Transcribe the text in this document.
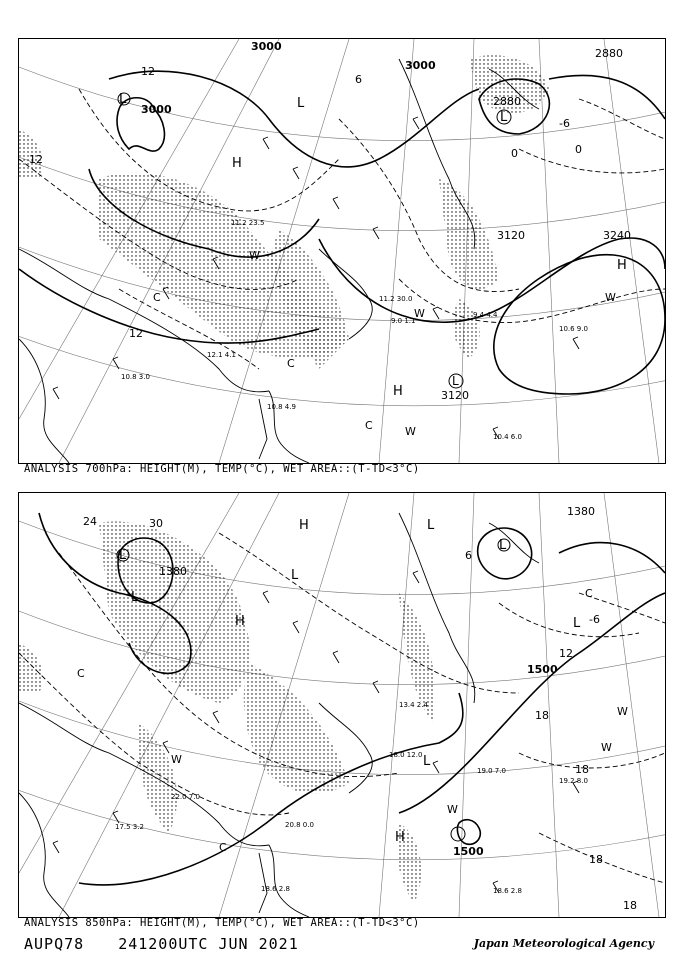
3000
3000
3000
2880
2880
3120	3240
3120
12
12
12
-6
0
6
0
L	L
L
L
H
H
H
W
W
W
W
C
C
C
11.2 23.5
10.8 3.0
10.8 4.9
10.6 9.0
9.4 4.4
11.2 30.0
9.0 1.1
10.4 6.0
12.1 4.1
ANALYSIS 700hPa: HEIGHT(M), TEMP(°C), WET AREA::(T-TD<3°C)
1380
1380
1500
1500
24	30
12
6
18
18
18
18
-6
L
L
L
L
L
L
H
H
H
W
W
W
W
C
C
C
L
18.6 2.8
19.2 8.0
19.0 7.0
20.8 0.0
18.0 12.0
13.4 2.4
18.6 2.8
17.5 3.2
22.0 7.0
ANALYSIS 850hPa: HEIGHT(M), TEMP(°C), WET AREA::(T-TD<3°C)
AUPQ78 241200UTC JUN 2021	Japan Meteorological Agency
